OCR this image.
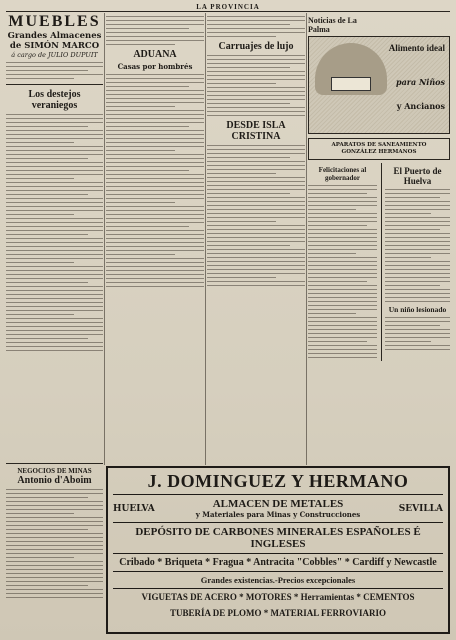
LA PROVINCIA
MUEBLES
Grandes Almacenes de SIMÓN MARCO
á cargo de JULIO DUPUIT
Los destejos veraniegos
NEGOCIOS DE MINAS
Antonio d'Aboim
ADUANA
Casas por hombrés
Carruajes de lujo
DESDE ISLA CRISTINA
Noticias de La Palma
Alimento ideal
para Niños
y Ancianos
APARATOS DE SANEAMIENTO
GONZÁLEZ HERMANOS
Felicitaciones al gobernador
El Puerto de Huelva
Un niño lesionado
J. DOMINGUEZ Y HERMANO
HUELVA	ALMACEN DE METALES
y Materiales para Minas y Construcciones
SEVILLA
DEPÓSITO DE CARBONES MINERALES ESPAÑOLES É INGLESES
Cribado * Briqueta * Fragua * Antracita "Cobbles" * Cardiff y Newcastle
Grandes existencias.-Precios excepcionales
VIGUETAS DE ACERO * MOTORES * Herramientas * CEMENTOS
TUBERÍA DE PLOMO * MATERIAL FERROVIARIO
